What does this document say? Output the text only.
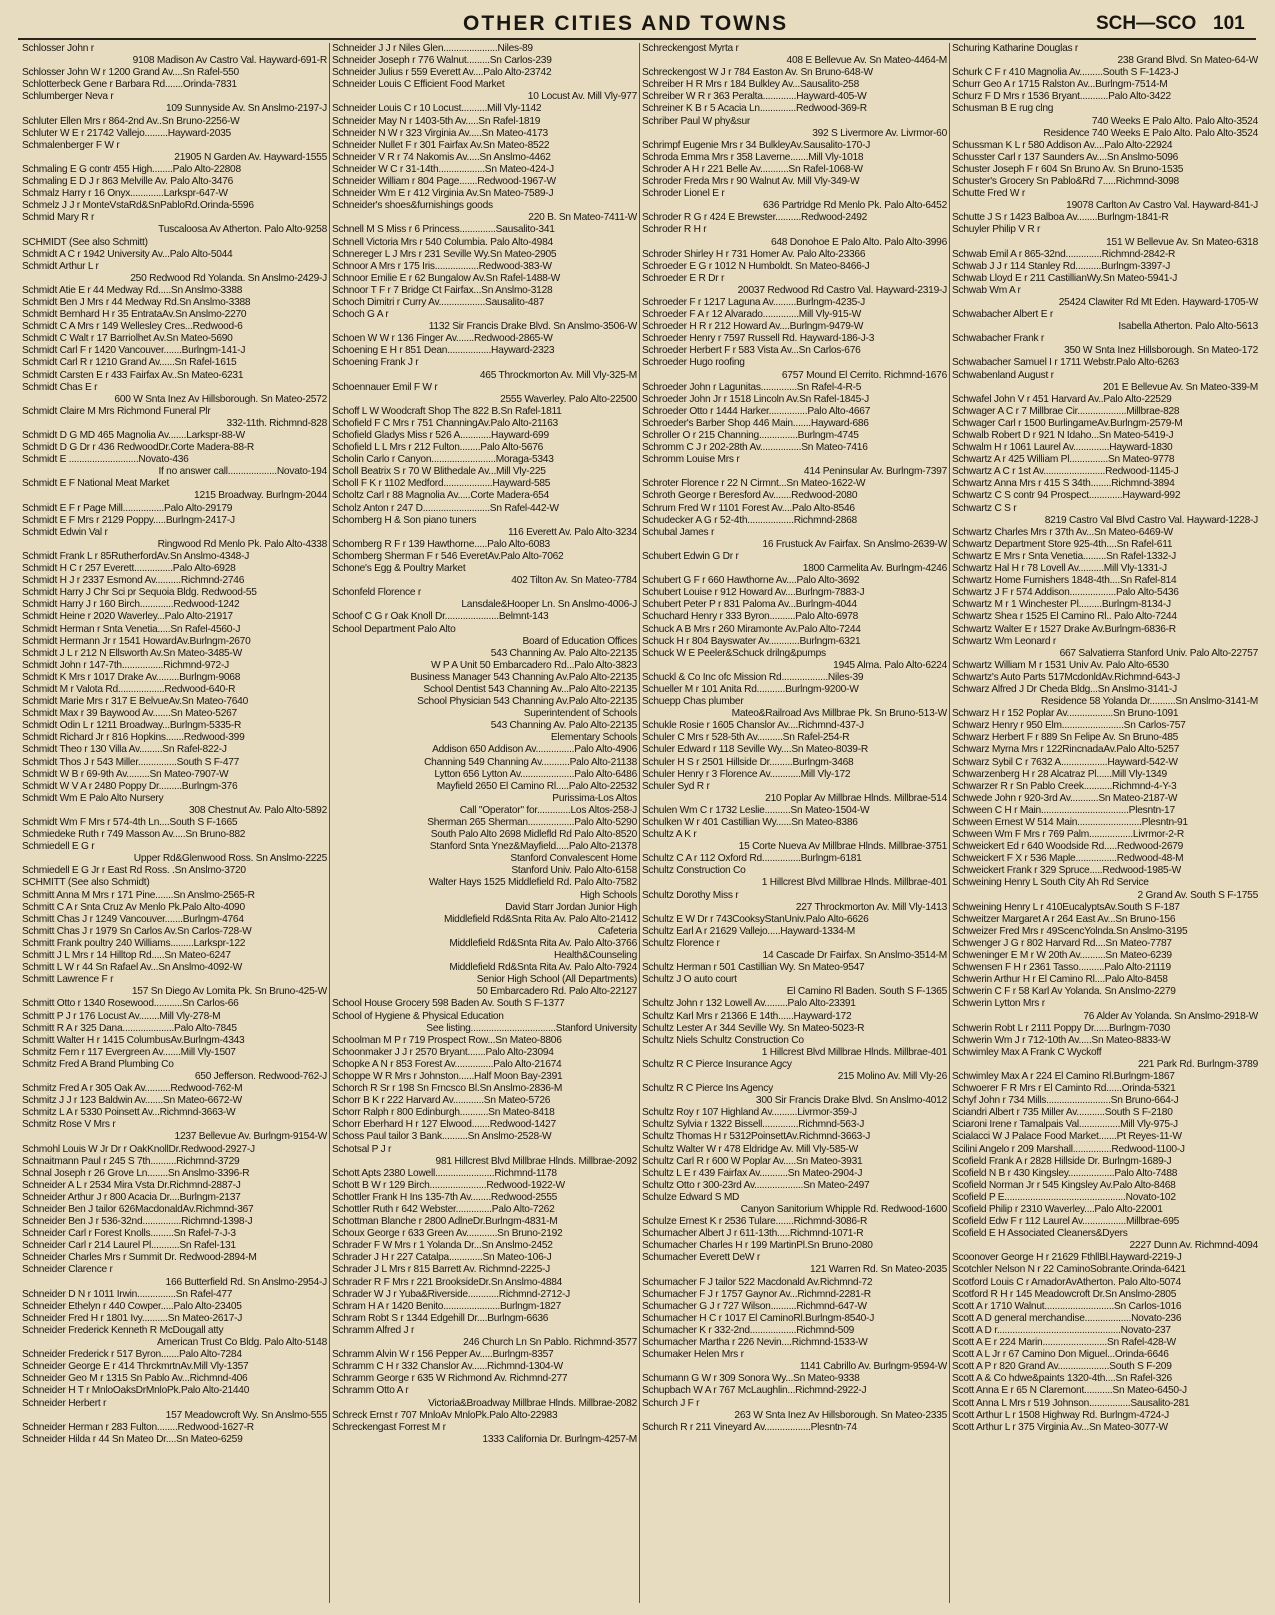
OTHER CITIES AND TOWNS	SCH—SCO 101
Schlosser John r
9108 Madison Av Castro Val. Hayward-691-R
Schlosser John W r 1200 Grand Av....Sn Rafel-550
Schlotterbeck Gene r Barbara Rd.......Orinda-7831
Schlumberger Neva r
109 Sunnyside Av. Sn Anslmo-2197-J
Schluter Ellen Mrs r 864-2nd Av..Sn Bruno-2256-W
Schluter W E r 21742 Vallejo.........Hayward-2035
Schmalenberger F W r
21905 N Garden Av. Hayward-1555
Schmaling E G contr 455 High........Palo Alto-22808
Schmaling E D J r 863 Melville Av. Palo Alto-3476
Schmalz Harry r 16 Onyx.............Larkspr-647-W
Schmelz J J r MonteVstaRd&SnPabloRd.Orinda-5596
Schmid Mary R r
Tuscaloosa Av Atherton. Palo Alto-9258
SCHMIDT (See also Schmitt)
Schmidt A C r 1942 University Av...Palo Alto-5044
Schmidt Arthur L r
250 Redwood Rd Yolanda. Sn Anslmo-2429-J
Schmidt Atie E r 44 Medway Rd.....Sn Anslmo-3388
Schmidt Ben J Mrs r 44 Medway Rd.Sn Anslmo-3388
Schmidt Bernhard H r 35 EntrataAv.Sn Anslmo-2270
Schmidt C A Mrs r 149 Wellesley Cres...Redwood-6
Schmidt C Walt r 17 Barriolhet Av.Sn Mateo-5690
Schmidt Carl F r 1420 Vancouver.......Burlngm-141-J
Schmidt Carl R r 1210 Grand Av......Sn Rafel-1615
Schmidt Carsten E r 433 Fairfax Av..Sn Mateo-6231
Schmidt Chas E r
600 W Snta Inez Av Hillsborough. Sn Mateo-2572
Schmidt Claire M Mrs Richmond Funeral Plr
332-11th. Richmnd-828
Schmidt D G MD 465 Magnolia Av.......Larkspr-88-W
Schmidt D G Dr r 436 RedwoodDr.Corte Madera-88-R
Schmidt E ...........................Novato-436
If no answer call...................Novato-194
Schmidt E F National Meat Market
1215 Broadway. Burlngm-2044
Schmidt E F r Page Mill................Palo Alto-29179
Schmidt E F Mrs r 2129 Poppy.....Burlngm-2417-J
Schmidt Edwin Val r
Ringwood Rd Menlo Pk. Palo Alto-4338
Schmidt Frank L r 85RutherfordAv.Sn Anslmo-4348-J
Schmidt H C r 257 Everett...............Palo Alto-6928
Schmidt H J r 2337 Esmond Av..........Richmnd-2746
Schmidt Harry J Chr Sci pr Sequoia Bldg. Redwood-55
Schmidt Harry J r 160 Birch.............Redwood-1242
Schmidt Heine r 2020 Waverley...Palo Alto-21917
Schmidt Herman r Snta Venetia.....Sn Rafel-4560-J
Schmidt Hermann Jr r 1541 HowardAv.Burlngm-2670
Schmidt J L r 212 N Ellsworth Av.Sn Mateo-3485-W
Schmidt John r 147-7th................Richmnd-972-J
Schmidt K Mrs r 1017 Drake Av.........Burlngm-9068
Schmidt M r Valota Rd..................Redwood-640-R
Schmidt Marie Mrs r 317 E BelvueAv.Sn Mateo-7640
Schmidt Max r 39 Baywood Av.......Sn Mateo-5267
Schmidt Odin L r 1211 Broadway...Burlngm-5335-R
Schmidt Richard Jr r 816 Hopkins.......Redwood-399
Schmidt Theo r 130 Villa Av.........Sn Rafel-822-J
Schmidt Thos J r 543 Miller...............South S F-477
Schmidt W B r 69-9th Av.........Sn Mateo-7907-W
Schmidt W V A r 2480 Poppy Dr.........Burlngm-376
Schmidt Wm E Palo Alto Nursery
308 Chestnut Av. Palo Alto-5892
Schmidt Wm F Mrs r 574-4th Ln....South S F-1665
Schmiedeke Ruth r 749 Masson Av.....Sn Bruno-882
Schmiedell E G r
Upper Rd&Glenwood Ross. Sn Anslmo-2225
Schmiedell E G Jr r East Rd Ross. .Sn Anslmo-3720
SCHMITT (See also Schmidt)
Schmitt Anna M Mrs r 171 Pine.......Sn Anslmo-2565-R
Schmitt C A r Snta Cruz Av Menlo Pk.Palo Alto-4090
Schmitt Chas J r 1249 Vancouver.......Burlngm-4764
Schmitt Chas J r 1979 Sn Carlos Av.Sn Carlos-728-W
Schmitt Frank poultry 240 Williams.........Larkspr-122
Schmitt J L Mrs r 14 Hilltop Rd.....Sn Mateo-6247
Schmitt L W r 44 Sn Rafael Av...Sn Anslmo-4092-W
Schmitt Lawrence F r
157 Sn Diego Av Lomita Pk. Sn Bruno-425-W
Schmitt Otto r 1340 Rosewood...........Sn Carlos-66
Schmitt P J r 176 Locust Av........Mill Vly-278-M
Schmitt R A r 325 Dana....................Palo Alto-7845
Schmitt Walter H r 1415 ColumbusAv.Burlngm-4343
Schmitz Fern r 117 Evergreen Av.......Mill Vly-1507
Schmitz Fred A Brand Plumbing Co
650 Jefferson. Redwood-762-J
Schmitz Fred A r 305 Oak Av..........Redwood-762-M
Schmitz J J r 123 Baldwin Av.......Sn Mateo-6672-W
Schmitz L A r 5330 Poinsett Av...Richmnd-3663-W
Schmitz Rose V Mrs r
1237 Bellevue Av. Burlngm-9154-W
Schmohl Louis W Jr Dr r OakKnollDr.Redwood-2927-J
Schnaitmann Paul r 245 S 7th..........Richmnd-3729
Schnal Joseph r 26 Grove Ln........Sn Anslmo-3396-R
Schneider A L r 2534 Mira Vsta Dr.Richmnd-2887-J
Schneider Arthur J r 800 Acacia Dr....Burlngm-2137
Schneider Ben J tailor 626MacdonaldAv.Richmnd-367
Schneider Ben J r 536-32nd...............Richmnd-1398-J
Schneider Carl r Forest Knolls.........Sn Rafel-7-J-3
Schneider Carl r 214 Laurel Pl...........Sn Rafel-131
Schneider Charles Mrs r Summit Dr. Redwood-2894-M
Schneider Clarence r
166 Butterfield Rd. Sn Anslmo-2954-J
Schneider D N r 1011 Irwin...............Sn Rafel-477
Schneider Ethelyn r 440 Cowper.....Palo Alto-23405
Schneider Fred H r 1801 Ivy..........Sn Mateo-2617-J
Schneider Frederick Kenneth R McDougall atty
American Trust Co Bldg. Palo Alto-5148
Schneider Frederick r 517 Byron.......Palo Alto-7284
Schneider George E r 414 ThrckmrtnAv.Mill Vly-1357
Schneider Geo M r 1315 Sn Pablo Av...Richmnd-406
Schneider H T r MnloOaksDrMnloPk.Palo Alto-21440
Schneider Herbert r
157 Meadowcroft Wy. Sn Anslmo-555
Schneider Herman r 283 Fulton........Redwood-1627-R
Schneider Hilda r 44 Sn Mateo Dr....Sn Mateo-6259
Schneider J J r Niles Glen.....................Niles-89
Schneider Joseph r 776 Walnut.........Sn Carlos-239
Schneider Julius r 559 Everett Av....Palo Alto-23742
Schneider Louis C Efficient Food Market
10 Locust Av. Mill Vly-977
Schneider Louis C r 10 Locust..........Mill Vly-1142
Schneider May N r 1403-5th Av.....Sn Rafel-1819
Schneider N W r 323 Virginia Av.....Sn Mateo-4173
Schneider Nullet F r 301 Fairfax Av.Sn Mateo-8522
Schneider V R r 74 Nakomis Av.....Sn Anslmo-4462
Schneider W C r 31-14th..................Sn Mateo-424-J
Schneider William r 804 Page.......Redwood-1967-W
Schneider Wm E r 412 Virginia Av.Sn Mateo-7589-J
Schneider's shoes&furnishings goods
220 B. Sn Mateo-7411-W
Schnell M S Miss r 6 Princess..............Sausalito-341
Schnell Victoria Mrs r 540 Columbia. Palo Alto-4984
Schnereger L J Mrs r 231 Seville Wy.Sn Mateo-2905
Schnoor A Mrs r 175 Iris.................Redwood-383-W
Schnoor Emilie E r 62 Bungalow Av.Sn Rafel-1488-W
Schnoor T F r 7 Bridge Ct Fairfax...Sn Anslmo-3128
Schoch Dimitri r Curry Av..................Sausalito-487
Schoch G A r
1132 Sir Francis Drake Blvd. Sn Anslmo-3506-W
Schoen W W r 136 Finger Av.......Redwood-2865-W
Schoening E H r 851 Dean.................Hayward-2323
Schoening Frank J r
465 Throckmorton Av. Mill Vly-325-M
Schoennauer Emil F W r
2555 Waverley. Palo Alto-22500
Schoff L W Woodcraft Shop The 822 B.Sn Rafel-1811
Schofield F C Mrs r 751 ChanningAv.Palo Alto-21163
Schofield Gladys Miss r 526 A............Hayward-699
Schofield L L Mrs r 212 Fulton........Palo Alto-5676
Scholin Carlo r Canyon.........................Moraga-5343
Scholl Beatrix S r 70 W Blithedale Av...Mill Vly-225
Scholl F K r 1102 Medford...................Hayward-585
Scholtz Carl r 88 Magnolia Av.....Corte Madera-654
Scholz Anton r 247 D..........................Sn Rafel-442-W
Schomberg H & Son piano tuners
116 Everett Av. Palo Alto-3234
Schomberg R F r 139 Hawthorne.....Palo Alto-6083
Schomberg Sherman F r 546 EveretAv.Palo Alto-7062
Schone's Egg & Poultry Market
402 Tilton Av. Sn Mateo-7784
Schonfeld Florence r
Lansdale&Hooper Ln. Sn Anslmo-4006-J
Schoof C G r Oak Knoll Dr.....................Belmnt-143
School Department Palo Alto
Board of Education Offices
543 Channing Av. Palo Alto-22135
W P A Unit 50 Embarcadero Rd...Palo Alto-3823
Business Manager 543 Channing Av.Palo Alto-22135
School Dentist 543 Channing Av...Palo Alto-22135
School Physician 543 Channing Av.Palo Alto-22135
Superintendent of Schools
543 Channing Av. Palo Alto-22135
Elementary Schools
Addison 650 Addison Av...............Palo Alto-4906
Channing 549 Channing Av...........Palo Alto-21138
Lytton 656 Lytton Av.....................Palo Alto-6486
Mayfield 2650 El Camino Rl.....Palo Alto-22532
Purissima-Los Altos
Call "Operator" for.............Los Altos-258-J
Sherman 265 Sherman..................Palo Alto-5290
South Palo Alto 2698 Midlefld Rd Palo Alto-8520
Stanford Snta Ynez&Mayfield.....Palo Alto-21378
Stanford Convalescent Home
Stanford Univ. Palo Alto-6158
Walter Hays 1525 Middlefield Rd. Palo Alto-7582
High Schools
David Starr Jordan Junior High
Middlefield Rd&Snta Rita Av. Palo Alto-21412
Cafeteria
Middlefield Rd&Snta Rita Av. Palo Alto-3766
Health&Counseling
Middlefield Rd&Snta Rita Av. Palo Alto-7924
Senior High School (All Departments)
50 Embarcadero Rd. Palo Alto-22127
School House Grocery 598 Baden Av. South S F-1377
School of Hygiene & Physical Education
See listing.................................Stanford University
Schoolman M P r 719 Prospect Row...Sn Mateo-8806
Schoonmaker J J r 2570 Bryant.......Palo Alto-23094
Schopke A N r 853 Forest Av...............Palo Alto-21674
Schoppe W R Mrs r Johnston......Half Moon Bay-2391
Schorch R Sr r 198 Sn Frncsco Bl.Sn Anslmo-2836-M
Schorr B K r 222 Harvard Av............Sn Mateo-5726
Schorr Ralph r 800 Edinburgh...........Sn Mateo-8418
Schorr Eberhard H r 127 Elwood.......Redwood-1427
Schoss Paul tailor 3 Bank..........Sn Anslmo-2528-W
Schotsal P J r
981 Hillcrest Blvd Millbrae Hlnds. Millbrae-2092
Schott Apts 2380 Lowell.......................Richmnd-1178
Schott B W r 129 Birch......................Redwood-1922-W
Schottler Frank H Ins 135-7th Av........Redwood-2555
Schottler Ruth r 642 Webster..............Palo Alto-7262
Schottman Blanche r 2800 AdlneDr.Burlngm-4831-M
Schoux George r 633 Green Av............Sn Bruno-2192
Schrader F W Mrs r 1 Yolanda Dr...Sn Anslmo-2452
Schrader J H r 227 Catalpa.............Sn Mateo-106-J
Schrader J L Mrs r 815 Barrett Av. Richmnd-2225-J
Schrader R F Mrs r 221 BrooksideDr.Sn Anslmo-4884
Schrader W J r Yuba&Riverside............Richmnd-2712-J
Schram H A r 1420 Benito......................Burlngm-1827
Schram Robt S r 1344 Edgehill Dr....Burlngm-6636
Schramm Alfred J r
246 Church Ln Sn Pablo. Richmnd-3577
Schramm Alvin W r 156 Pepper Av.....Burlngm-8357
Schramm C H r 332 Chanslor Av......Richmnd-1304-W
Schramm George r 635 W Richmond Av. Richmnd-277
Schramm Otto A r
Victoria&Broadway Millbrae Hlnds. Millbrae-2082
Schreck Ernst r 707 MnloAv MnloPk.Palo Alto-22983
Schreckengast Forrest M r
1333 California Dr. Burlngm-4257-M
Schreckengost Myrta r
408 E Bellevue Av. Sn Mateo-4464-M
Schreckengost W J r 784 Easton Av. Sn Bruno-648-W
Schreiber H R Mrs r 184 Bulkley Av...Sausalito-258
Schreiber W R r 363 Peralta.............Hayward-405-W
Schreiner K B r 5 Acacia Ln..............Redwood-369-R
Schriber Paul W phy&sur
392 S Livermore Av. Livrmor-60
Schrimpf Eugenie Mrs r 34 BulkleyAv.Sausalito-170-J
Schroda Emma Mrs r 358 Laverne.......Mill Vly-1018
Schroder A H r 221 Belle Av...........Sn Rafel-1068-W
Schroder Freda Mrs r 90 Walnut Av. Mill Vly-349-W
Schroder Lionel E r
636 Partridge Rd Menlo Pk. Palo Alto-6452
Schroder R G r 424 E Brewster..........Redwood-2492
Schroder R H r
648 Donohoe E Palo Alto. Palo Alto-3996
Schroder Shirley H r 731 Homer Av. Palo Alto-23366
Schroeder E G r 1012 N Humboldt. Sn Mateo-8466-J
Schroeder E R Dr r
20037 Redwood Rd Castro Val. Hayward-2319-J
Schroeder F r 1217 Laguna Av.........Burlngm-4235-J
Schroeder F A r 12 Alvarado..............Mill Vly-915-W
Schroeder H R r 212 Howard Av....Burlngm-9479-W
Schroeder Henry r 7597 Russell Rd. Hayward-186-J-3
Schroeder Herbert F r 583 Vista Av...Sn Carlos-676
Schroeder Hugo roofing
6757 Mound El Cerrito. Richmnd-1676
Schroeder John r Lagunitas..............Sn Rafel-4-R-5
Schroeder John Jr r 1518 Lincoln Av.Sn Rafel-1845-J
Schroeder Otto r 1444 Harker...............Palo Alto-4667
Schroeder's Barber Shop 446 Main.......Hayward-686
Schroller O r 215 Channing...............Burlngm-4745
Schromm C J r 202-28th Av................Sn Mateo-7416
Schromm Louise Mrs r
414 Peninsular Av. Burlngm-7397
Schroter Florence r 22 N Cirmnt...Sn Mateo-1622-W
Schroth George r Beresford Av.......Redwood-2080
Schrum Fred W r 1101 Forest Av....Palo Alto-8546
Schudecker A G r 52-4th..................Richmnd-2868
Schubal James r
16 Frustuck Av Fairfax. Sn Anslmo-2639-W
Schubert Edwin G Dr r
1800 Carmelita Av. Burlngm-4246
Schubert G F r 660 Hawthorne Av....Palo Alto-3692
Schubert Louise r 912 Howard Av....Burlngm-7883-J
Schubert Peter P r 831 Paloma Av...Burlngm-4044
Schuchard Henry r 333 Byron..........Palo Alto-6978
Schuck A B Mrs r 260 Miramonte Av.Palo Alto-7244
Schuck H r 804 Bayswater Av............Burlngm-6321
Schuck W E Peeler&Schuck drilng&pumps
1945 Alma. Palo Alto-6224
Schuckl & Co Inc ofc Mission Rd..................Niles-39
Schueller M r 101 Anita Rd...........Burlngm-9200-W
Schuepp Chas plumber
Mateo&Railroad Avs Millbrae Pk. Sn Bruno-513-W
Schukle Rosie r 1605 Chanslor Av....Richmnd-437-J
Schuler C Mrs r 528-5th Av..........Sn Rafel-254-R
Schuler Edward r 118 Seville Wy....Sn Mateo-8039-R
Schuler H S r 2501 Hillside Dr.........Burlngm-3468
Schuler Henry r 3 Florence Av............Mill Vly-172
Schuler Syd R r
210 Poplar Av Millbrae Hlnds. Millbrae-514
Schulen Wm C r 1732 Leslie..........Sn Mateo-1504-W
Schulken W r 401 Castillian Wy......Sn Mateo-8386
Schultz A K r
15 Corte Nueva Av Millbrae Hlnds. Millbrae-3751
Schultz C A r 112 Oxford Rd...............Burlngm-6181
Schultz Construction Co
1 Hillcrest Blvd Millbrae Hlnds. Millbrae-401
Schultz Dorothy Miss r
227 Throckmorton Av. Mill Vly-1413
Schultz E W Dr r 743CooksyStanUniv.Palo Alto-6626
Schultz Earl A r 21629 Vallejo.....Hayward-1334-M
Schultz Florence r
14 Cascade Dr Fairfax. Sn Anslmo-3514-M
Schultz Herman r 501 Castillian Wy. Sn Mateo-9547
Schultz J O auto court
El Camino Rl Baden. South S F-1365
Schultz John r 132 Lowell Av.........Palo Alto-23391
Schultz Karl Mrs r 21366 E 14th......Hayward-172
Schultz Lester A r 344 Seville Wy. Sn Mateo-5023-R
Schultz Niels Schultz Construction Co
1 Hillcrest Blvd Millbrae Hlnds. Millbrae-401
Schultz R C Pierce Insurance Agcy
215 Molino Av. Mill Vly-26
Schultz R C Pierce Ins Agency
300 Sir Francis Drake Blvd. Sn Anslmo-4012
Schultz Roy r 107 Highland Av..........Livrmor-359-J
Schultz Sylvia r 1322 Bissell..............Richmnd-563-J
Schultz Thomas H r 5312PoinsettAv.Richmnd-3663-J
Schultz Walter W r 478 Eldridge Av. Mill Vly-585-W
Schultz Carl R r 600 W Poplar Av.....Sn Mateo-3931
Schultz L E r 439 Fairfax Av...........Sn Mateo-2904-J
Schultz Otto r 300-23rd Av...................Sn Mateo-2497
Schulze Edward S MD
Canyon Sanitorium Whipple Rd. Redwood-1600
Schulze Ernest K r 2536 Tulare.......Richmnd-3086-R
Schumacher Albert J r 611-13th.....Richmnd-1071-R
Schumacher Charles H r 199 MartinPl.Sn Bruno-2080
Schumacher Everett DeW r
121 Warren Rd. Sn Mateo-2035
Schumacher F J tailor 522 Macdonald Av.Richmnd-72
Schumacher F J r 1757 Gaynor Av...Richmnd-2281-R
Schumacher G J r 727 Wilson..........Richmnd-647-W
Schumacher H C r 1017 El CaminoRl.Burlngm-8540-J
Schumacher K r 332-2nd..................Richmnd-509
Schumacher Martha r 226 Nevin....Richmnd-1533-W
Schumaker Helen Mrs r
1141 Cabrillo Av. Burlngm-9594-W
Schumann G W r 309 Sonora Wy...Sn Mateo-9338
Schupbach W A r 767 McLaughlin...Richmnd-2922-J
Schurch J F r
263 W Snta Inez Av Hillsborough. Sn Mateo-2335
Schurch R r 211 Vineyard Av..................Plesntn-74
Schuring Katharine Douglas r
238 Grand Blvd. Sn Mateo-64-W
Schurk C F r 410 Magnolia Av.........South S F-1423-J
Schurr Geo A r 1715 Ralston Av...Burlngm-7514-M
Schurz F D Mrs r 1536 Bryant...........Palo Alto-3422
Schusman B E rug clng
740 Weeks E Palo Alto. Palo Alto-3524
Residence 740 Weeks E Palo Alto. Palo Alto-3524
Schussman K L r 580 Addison Av....Palo Alto-22924
Schusster Carl r 137 Saunders Av....Sn Anslmo-5096
Schuster Joseph F r 604 Sn Bruno Av. Sn Bruno-1535
Schuster's Grocery Sn Pablo&Rd 7.....Richmnd-3098
Schutte Fred W r
19078 Carlton Av Castro Val. Hayward-841-J
Schutte J S r 1423 Balboa Av........Burlngm-1841-R
Schuyler Philip V R r
151 W Bellevue Av. Sn Mateo-6318
Schwab Emil A r 865-32nd..............Richmnd-2842-R
Schwab J J r 114 Stanley Rd..........Burlngm-3397-J
Schwab Lloyd E r 211 CastillianWy.Sn Mateo-5941-J
Schwab Wm A r
25424 Clawiter Rd Mt Eden. Hayward-1705-W
Schwabacher Albert E r
Isabella Atherton. Palo Alto-5613
Schwabacher Frank r
350 W Snta Inez Hillsborough. Sn Mateo-172
Schwabacher Samuel I r 1711 Webstr.Palo Alto-6263
Schwabenland August r
201 E Bellevue Av. Sn Mateo-339-M
Schwafel John V r 451 Harvard Av..Palo Alto-22529
Schwager A C r 7 Millbrae Cir...................Millbrae-828
Schwager Carl r 1500 BurlingameAv.Burlngm-2579-M
Schwalb Robert D r 921 N Idaho...Sn Mateo-5419-J
Schwalm H r 1061 Laurel Av..............Hayward-1830
Schwartz A r 425 William Pl...............Sn Mateo-9778
Schwartz A C r 1st Av........................Redwood-1145-J
Schwartz Anna Mrs r 415 S 34th........Richmnd-3894
Schwartz C S contr 94 Prospect.............Hayward-992
Schwartz C S r
8219 Castro Val Blvd Castro Val. Hayward-1228-J
Schwartz Charles Mrs r 37th Av...Sn Mateo-6469-W
Schwartz Department Store 925-4th....Sn Rafel-611
Schwartz E Mrs r Snta Venetia.........Sn Rafel-1332-J
Schwartz Hal H r 78 Lovell Av..........Mill Vly-1331-J
Schwartz Home Furnishers 1848-4th....Sn Rafel-814
Schwartz J F r 574 Addison..................Palo Alto-5436
Schwartz M r 1 Winchester Pl.........Burlngm-8134-J
Schwartz Shea r 1525 El Camino Rl.. Palo Alto-7244
Schwartz Walter E r 1527 Drake Av.Burlngm-6836-R
Schwartz Wm Leonard r
667 Salvatierra Stanford Univ. Palo Alto-22757
Schwartz William M r 1531 Univ Av. Palo Alto-6530
Schwartz's Auto Parts 517McdonldAv.Richmnd-643-J
Schwarz Alfred J Dr Cheda Bldg...Sn Anslmo-3141-J
Residence 58 Yolanda Dr..........Sn Anslmo-3141-M
Schwarz H r 152 Poplar Av..................Sn Bruno-1091
Schwarz Henry r 950 Elm........................Sn Carlos-757
Schwarz Herbert F r 889 Sn Felipe Av. Sn Bruno-485
Schwarz Myrna Mrs r 122RincnadaAv.Palo Alto-5257
Schwarz Sybil C r 7632 A..................Hayward-542-W
Schwarzenberg H r 28 Alcatraz Pl......Mill Vly-1349
Schwarzer R r Sn Pablo Creek...........Richmnd-4-Y-3
Schwede John r 920-3rd Av...........Sn Mateo-2187-W
Schween C H r Main..................................Plesntn-17
Schween Ernest W 514 Main.........................Plesntn-91
Schween Wm F Mrs r 769 Palm.................Livrmor-2-R
Schweickert Ed r 640 Woodside Rd.....Redwood-2679
Schweickert F X r 536 Maple................Redwood-48-M
Schweickert Frank r 329 Spruce.....Redwood-1985-W
Schweining Henry L South City Ah Rd Service
2 Grand Av. South S F-1755
Schweining Henry L r 410EucalyptsAv.South S F-187
Schweitzer Margaret A r 264 East Av...Sn Bruno-156
Schweizer Fred Mrs r 49ScencYolnda.Sn Anslmo-3195
Schwenger J G r 802 Harvard Rd....Sn Mateo-7787
Schweninger E M r W 20th Av..........Sn Mateo-6239
Schwensen F H r 2361 Tasso..........Palo Alto-21119
Schwerin Arthur H r El Camino Rl....Palo Alto-8458
Schwerin C F r 58 Karl Av Yolanda. Sn Anslmo-2279
Schwerin Lytton Mrs r
76 Alder Av Yolanda. Sn Anslmo-2918-W
Schwerin Robt L r 2111 Poppy Dr......Burlngm-7030
Schwerin Wm J r 712-10th Av.....Sn Mateo-8833-W
Schwimley Max A Frank C Wyckoff
221 Park Rd. Burlngm-3789
Schwimley Max A r 224 El Camino Rl.Burlngm-1867
Schwoerer F R Mrs r El Caminto Rd......Orinda-5321
Schyf John r 734 Mills.........................Sn Bruno-664-J
Sciandri Albert r 735 Miller Av...........South S F-2180
Sciaroni Irene r Tamalpais Val................Mill Vly-975-J
Scialacci W J Palace Food Market.......Pt Reyes-11-W
Scilini Angelo r 209 Marshall...............Redwood-1100-J
Scofield Frank A r 2828 Hillside Dr. Burlngm-1689-J
Scofield N B r 430 Kingsley..................Palo Alto-7488
Scofield Norman Jr r 545 Kingsley Av.Palo Alto-8468
Scofield P E...............................................Novato-102
Scofield Philip r 2310 Waverley....Palo Alto-22001
Scofield Edw F r 112 Laurel Av.................Millbrae-695
Scofield E H Associated Cleaners&Dyers
2227 Dunn Av. Richmnd-4094
Scoonover George H r 21629 FthllBl.Hayward-2219-J
Scotchler Nelson N r 22 CaminoSobrante.Orinda-6421
Scotford Louis C r AmadorAvAtherton. Palo Alto-5074
Scotford R H r 145 Meadowcroft Dr.Sn Anslmo-2805
Scott A r 1710 Walnut...........................Sn Carlos-1016
Scott A D general merchandise..................Novato-236
Scott A D r................................................Novato-237
Scott A E r 224 Marin.........................Sn Rafel-428-W
Scott A L Jr r 67 Camino Don Miguel...Orinda-6646
Scott A P r 820 Grand Av....................South S F-209
Scott A & Co hdwe&paints 1320-4th....Sn Rafel-326
Scott Anna E r 65 N Claremont...........Sn Mateo-6450-J
Scott Anna L Mrs r 519 Johnson................Sausalito-281
Scott Arthur L r 1508 Highway Rd. Burlngm-4724-J
Scott Arthur L r 375 Virginia Av...Sn Mateo-3077-W
